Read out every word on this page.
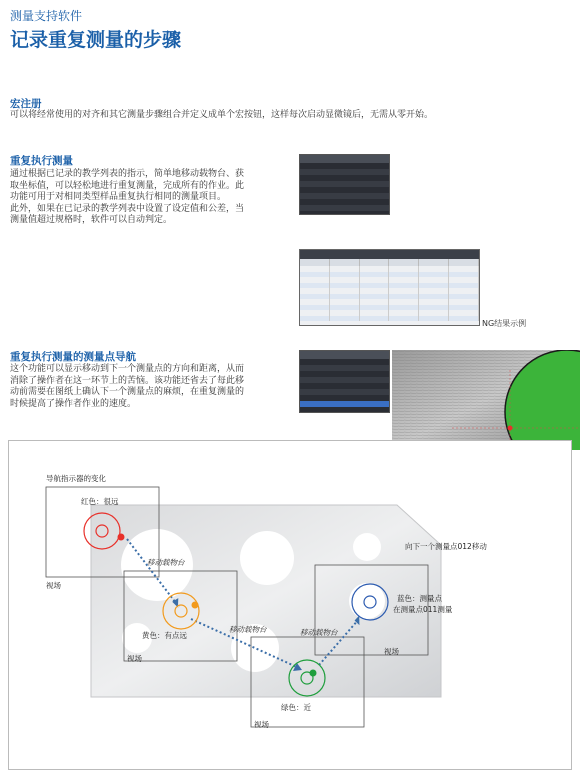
测量支持软件
记录重复测量的步骤
宏注册
可以将经常使用的对齐和其它测量步骤组合并定义成单个宏按钮，这样每次启动显微镜后，无需从零开始。
重复执行测量
通过根据已记录的教学列表的指示，简单地移动载物台、获
取坐标值，可以轻松地进行重复测量，完成所有的作业。此
功能可用于对相同类型样品重复执行相同的测量项目。
此外，如果在已记录的教学列表中设置了设定值和公差，当
测量值超过规格时，软件可以自动判定。
NG结果示例
重复执行测量的测量点导航
这个功能可以显示移动到下一个测量点的方向和距离，从而
消除了操作者在这一环节上的苦恼。该功能还省去了每此移
动前需要在图纸上确认下一个测量点的麻烦，在重复测量的
时候提高了操作者作业的速度。
导航指示器的变化
红色：很远
视场
移动载物台
黄色：有点远
视场
移动载物台	移动载物台
绿色：近
视场
蓝色：测量点
在测量点011测量
视场
向下一个测量点012移动
